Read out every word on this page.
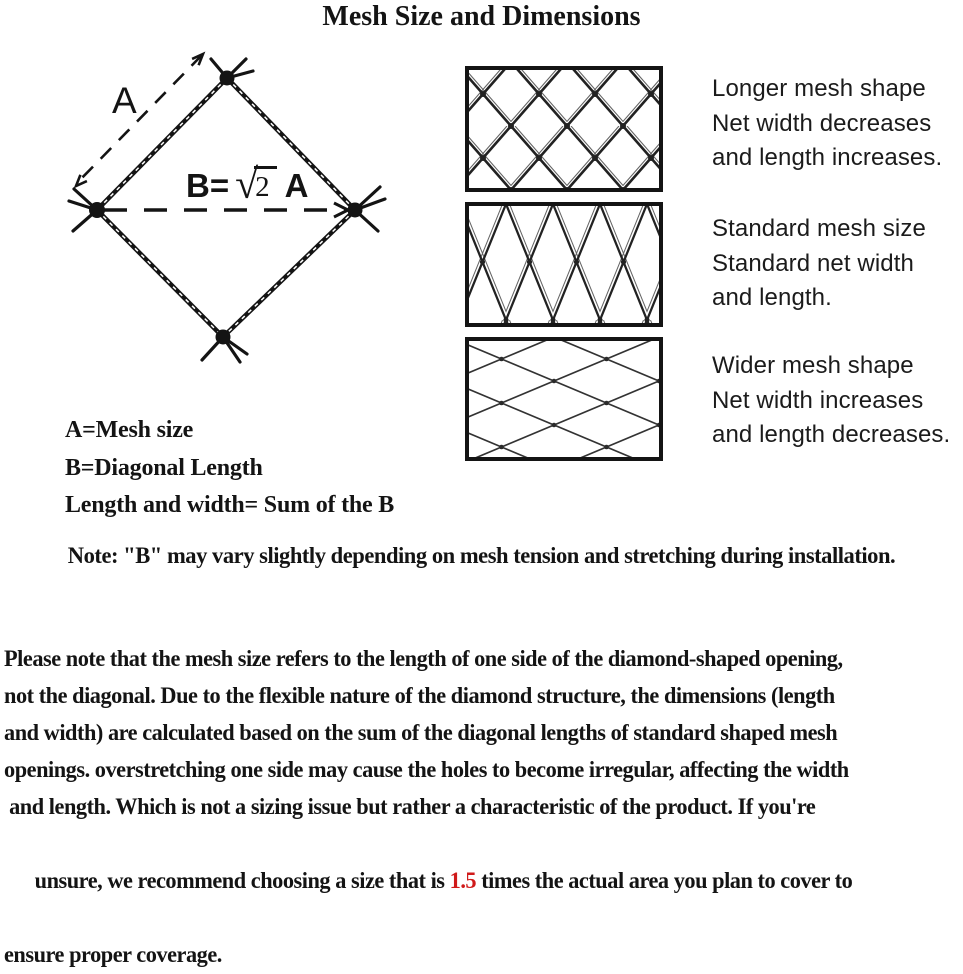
Mesh Size and Dimensions
A
B= √
2 A
A=Mesh size
B=Diagonal Length
Length and width= Sum of the B
Longer mesh shape
Net width decreases
and length increases.
Standard mesh size
Standard net width
and length.
Wider mesh shape
Net width increases
and length decreases.
Note: "B" may vary slightly depending on mesh tension and stretching during installation.
Please note that the mesh size refers to the length of one side of the diamond-shaped opening,
not the diagonal. Due to the flexible nature of the diamond structure, the dimensions (length
and width) are calculated based on the sum of the diagonal lengths of standard shaped mesh
openings. overstretching one side may cause the holes to become irregular, affecting the width
and length. Which is not a sizing issue but rather a characteristic of the product. If you're

unsure, we recommend choosing a size that is 1.5 times the actual area you plan to cover to

ensure proper coverage.
